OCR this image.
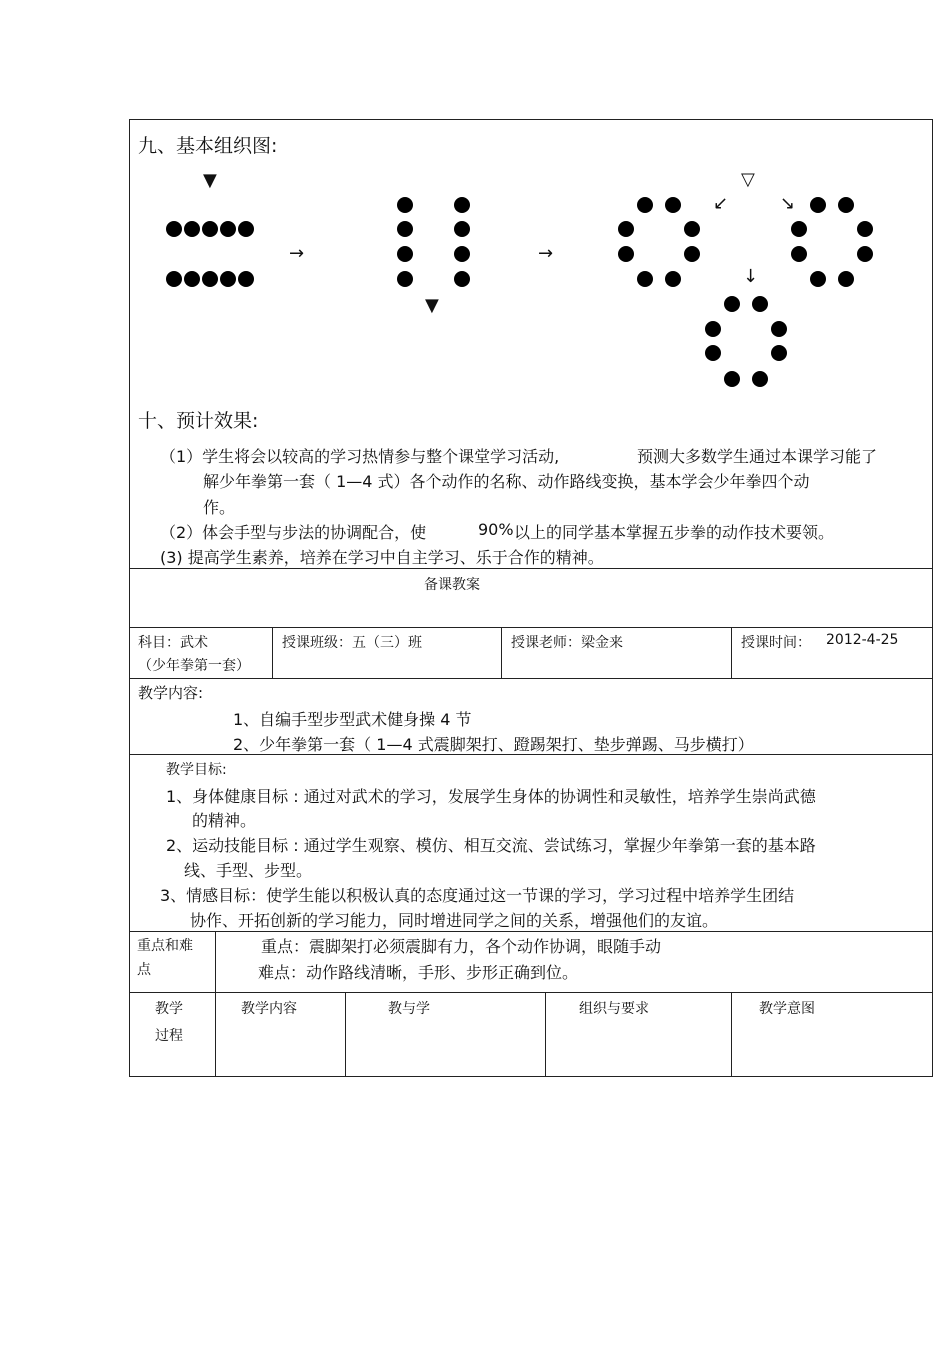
九、基本组织图:
▼
→
▼
→
▽
↙	↘
↓
十、预计效果:
（1）学生将会以较高的学习热情参与整个课堂学习活动,	预测大多数学生通过本课学习能了
解少年拳第一套（ 1—4 式）各个动作的名称、动作路线变换，基本学会少年拳四个动
作。
（2）体会手型与步法的协调配合，使	90% 以上的同学基本掌握五步拳的动作技术要领。
(3) 提高学生素养，培养在学习中自主学习、乐于合作的精神。
备课教案
科目：武术
（少年拳第一套）
授课班级：五（三）班	授课老师：梁金来	授课时间： 2012-4-25
教学内容:
1、自编手型步型武术健身操 4 节
2、少年拳第一套（ 1—4 式震脚架打、蹬踢架打、垫步弹踢、马步横打）
教学目标:
1、身体健康目标 : 通过对武术的学习，发展学生身体的协调性和灵敏性，培养学生崇尚武德
的精神。
2、运动技能目标 : 通过学生观察、模仿、相互交流、尝试练习，掌握少年拳第一套的基本路
线、手型、步型。
3、情感目标：使学生能以积极认真的态度通过这一节课的学习，学习过程中培养学生团结
协作、开拓创新的学习能力，同时增进同学之间的关系，增强他们的友谊。
重点和难
点
重点：震脚架打必须震脚有力，各个动作协调，眼随手动
难点：动作路线清晰，手形、步形正确到位。
教学
过程
教学内容	教与学	组织与要求	教学意图
